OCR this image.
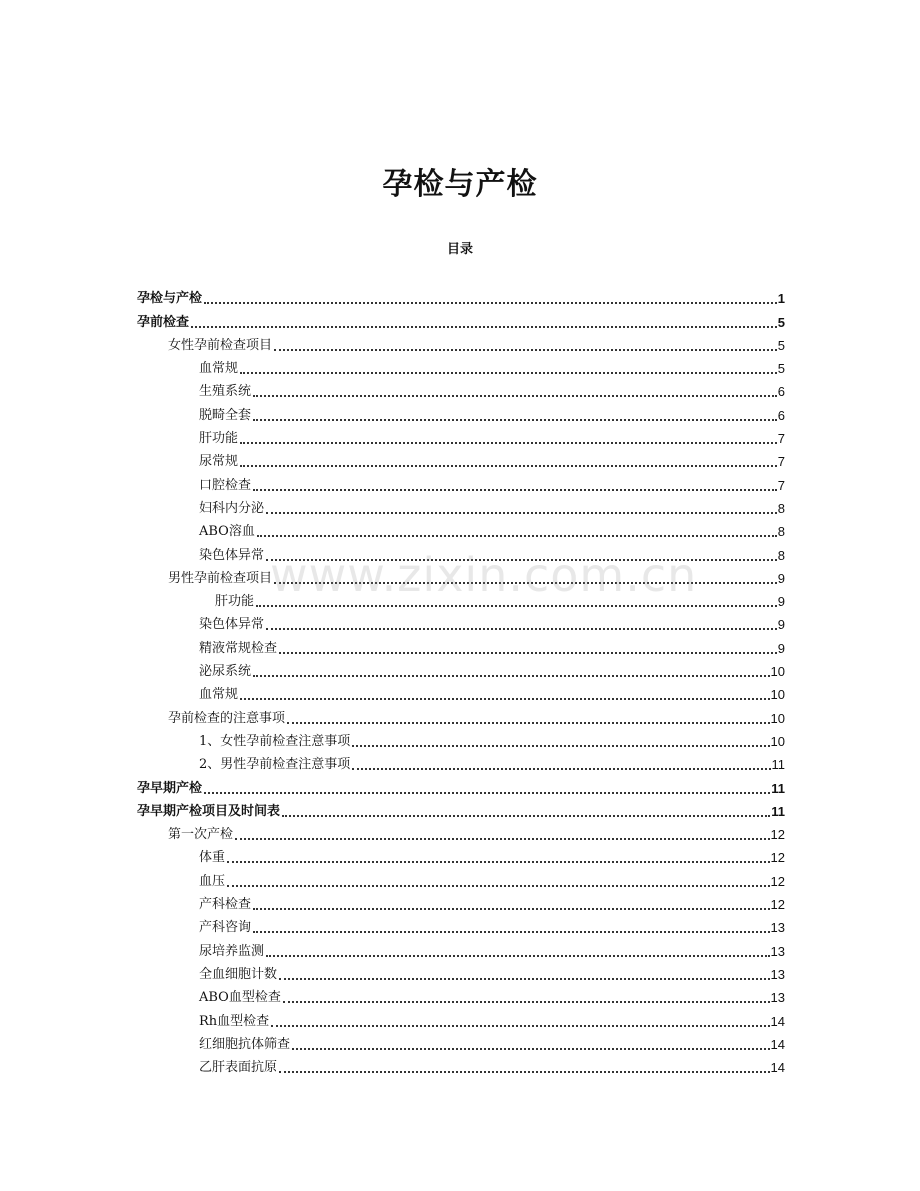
孕检与产检
目录
孕检与产检	1
孕前检查	5
女性孕前检查项目	5
血常规	5
生殖系统	6
脱畸全套	6
肝功能	7
尿常规	7
口腔检查	7
妇科内分泌	8
ABO溶血	8
染色体异常	8
男性孕前检查项目	9
肝功能	9
染色体异常	9
精液常规检查	9
泌尿系统	10
血常规	10
孕前检查的注意事项	10
1、女性孕前检查注意事项	10
2、男性孕前检查注意事项	11
孕早期产检	11
孕早期产检项目及时间表	11
第一次产检	12
体重	12
血压	12
产科检查	12
产科咨询	13
尿培养监测	13
全血细胞计数	13
ABO血型检查	13
Rh血型检查	14
红细胞抗体筛查	14
乙肝表面抗原	14
www.zixin.com.cn
